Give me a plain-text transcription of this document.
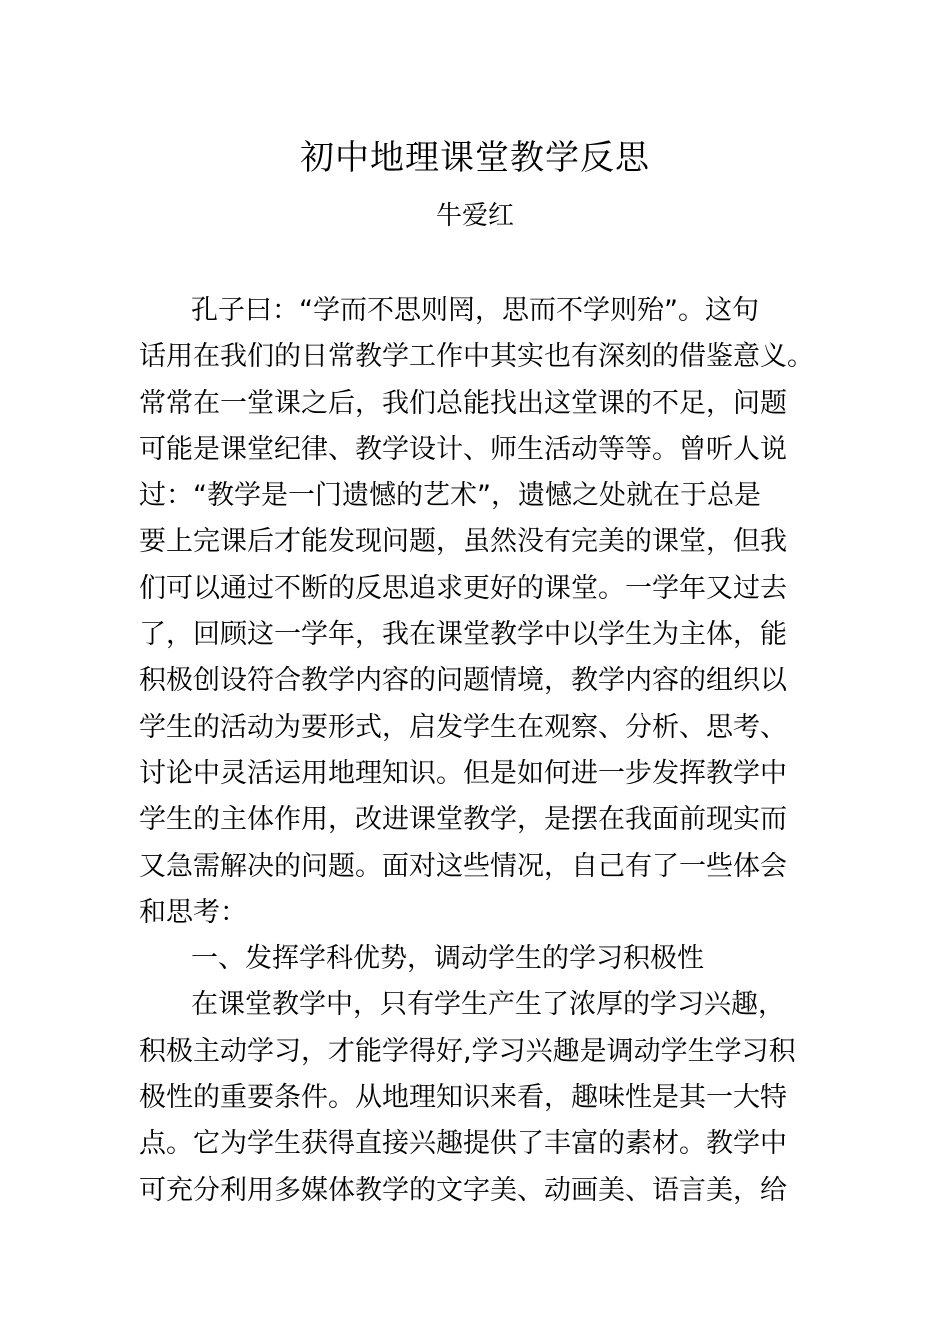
初中地理课堂教学反思
牛爱红
孔子曰：“学而不思则罔，思而不学则殆”。这句
话用在我们的日常教学工作中其实也有深刻的借鉴意义。
常常在一堂课之后，我们总能找出这堂课的不足，问题
可能是课堂纪律、教学设计、师生活动等等。曾听人说
过：“教学是一门遗憾的艺术”，遗憾之处就在于总是
要上完课后才能发现问题，虽然没有完美的课堂，但我
们可以通过不断的反思追求更好的课堂。一学年又过去
了，回顾这一学年，我在课堂教学中以学生为主体，能
积极创设符合教学内容的问题情境，教学内容的组织以
学生的活动为要形式，启发学生在观察、分析、思考、
讨论中灵活运用地理知识。但是如何进一步发挥教学中
学生的主体作用，改进课堂教学，是摆在我面前现实而
又急需解决的问题。面对这些情况，自己有了一些体会
和思考：
一、发挥学科优势，调动学生的学习积极性
在课堂教学中，只有学生产生了浓厚的学习兴趣，
积极主动学习，才能学得好,学习兴趣是调动学生学习积
极性的重要条件。从地理知识来看，趣味性是其一大特
点。它为学生获得直接兴趣提供了丰富的素材。教学中
可充分利用多媒体教学的文字美、动画美、语言美，给
